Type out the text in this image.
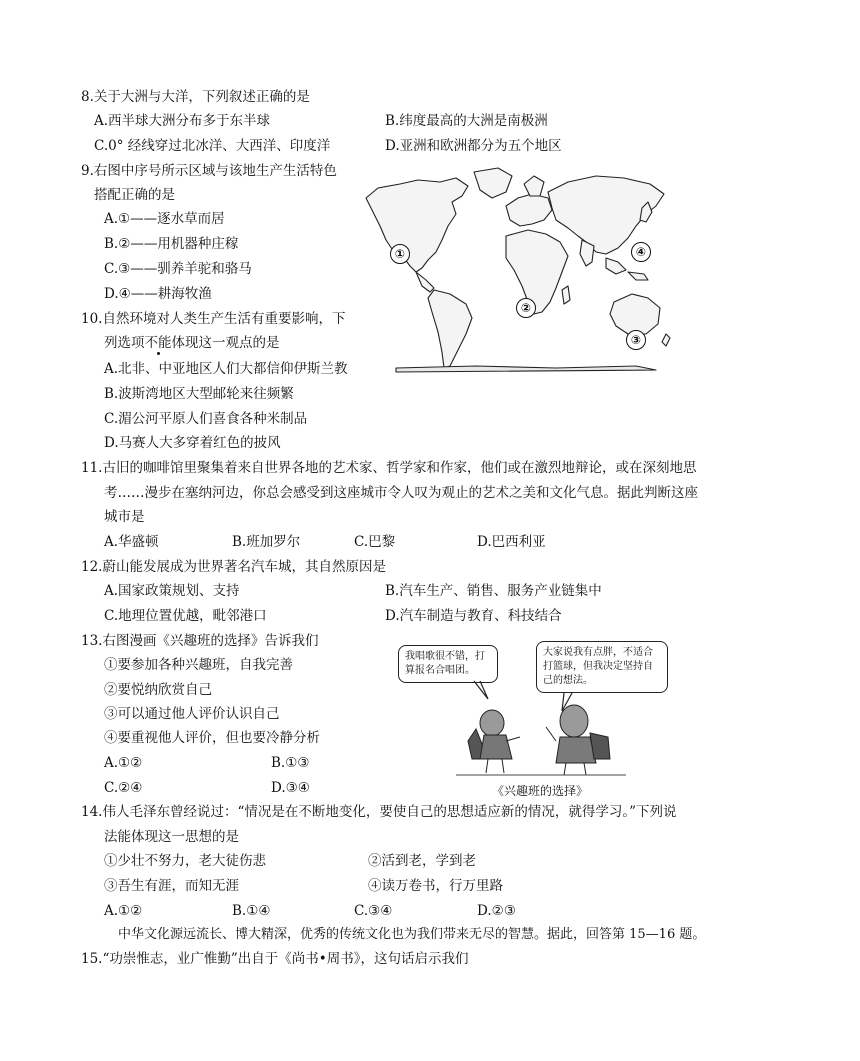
8.关于大洲与大洋，下列叙述正确的是
A.西半球大洲分布多于东半球	B.纬度最高的大洲是南极洲
C.0° 经线穿过北冰洋、大西洋、印度洋	D.亚洲和欧洲都分为五个地区
9.右图中序号所示区域与该地生产生活特色
搭配正确的是
A.①——逐水草而居
B.②——用机器种庄稼
C.③——驯养羊驼和骆马
D.④——耕海牧渔
①
②
③
④
10.自然环境对人类生产生活有重要影响，下
列选项不能体现这一观点的是
A.北非、中亚地区人们大都信仰伊斯兰教
B.波斯湾地区大型邮轮来往频繁
C.湄公河平原人们喜食各种米制品
D.马赛人大多穿着红色的披风
11.古旧的咖啡馆里聚集着来自世界各地的艺术家、哲学家和作家，他们或在激烈地辩论，或在深刻地思
考……漫步在塞纳河边，你总会感受到这座城市令人叹为观止的艺术之美和文化气息。据此判断这座
城市是
A.华盛顿	B.班加罗尔	C.巴黎	D.巴西利亚
12.蔚山能发展成为世界著名汽车城，其自然原因是
A.国家政策规划、支持	B.汽车生产、销售、服务产业链集中
C.地理位置优越，毗邻港口	D.汽车制造与教育、科技结合
13.右图漫画《兴趣班的选择》告诉我们
①要参加各种兴趣班，自我完善
②要悦纳欣赏自己
③可以通过他人评价认识自己
④要重视他人评价，但也要冷静分析
A.①②	B.①③
C.②④	D.③④
我唱歌很不错，打算报名合唱团。
大家说我有点胖，不适合打篮球，但我决定坚持自己的想法。
《兴趣班的选择》
14.伟人毛泽东曾经说过：“情况是在不断地变化，要使自己的思想适应新的情况，就得学习。”下列说
法能体现这一思想的是
①少壮不努力，老大徒伤悲	②活到老，学到老
③吾生有涯，而知无涯	④读万卷书，行万里路
A.①②	B.①④	C.③④	D.②③
中华文化源远流长、博大精深，优秀的传统文化也为我们带来无尽的智慧。据此，回答第 15—16 题。
15.“功崇惟志，业广惟勤”出自于《尚书•周书》，这句话启示我们
